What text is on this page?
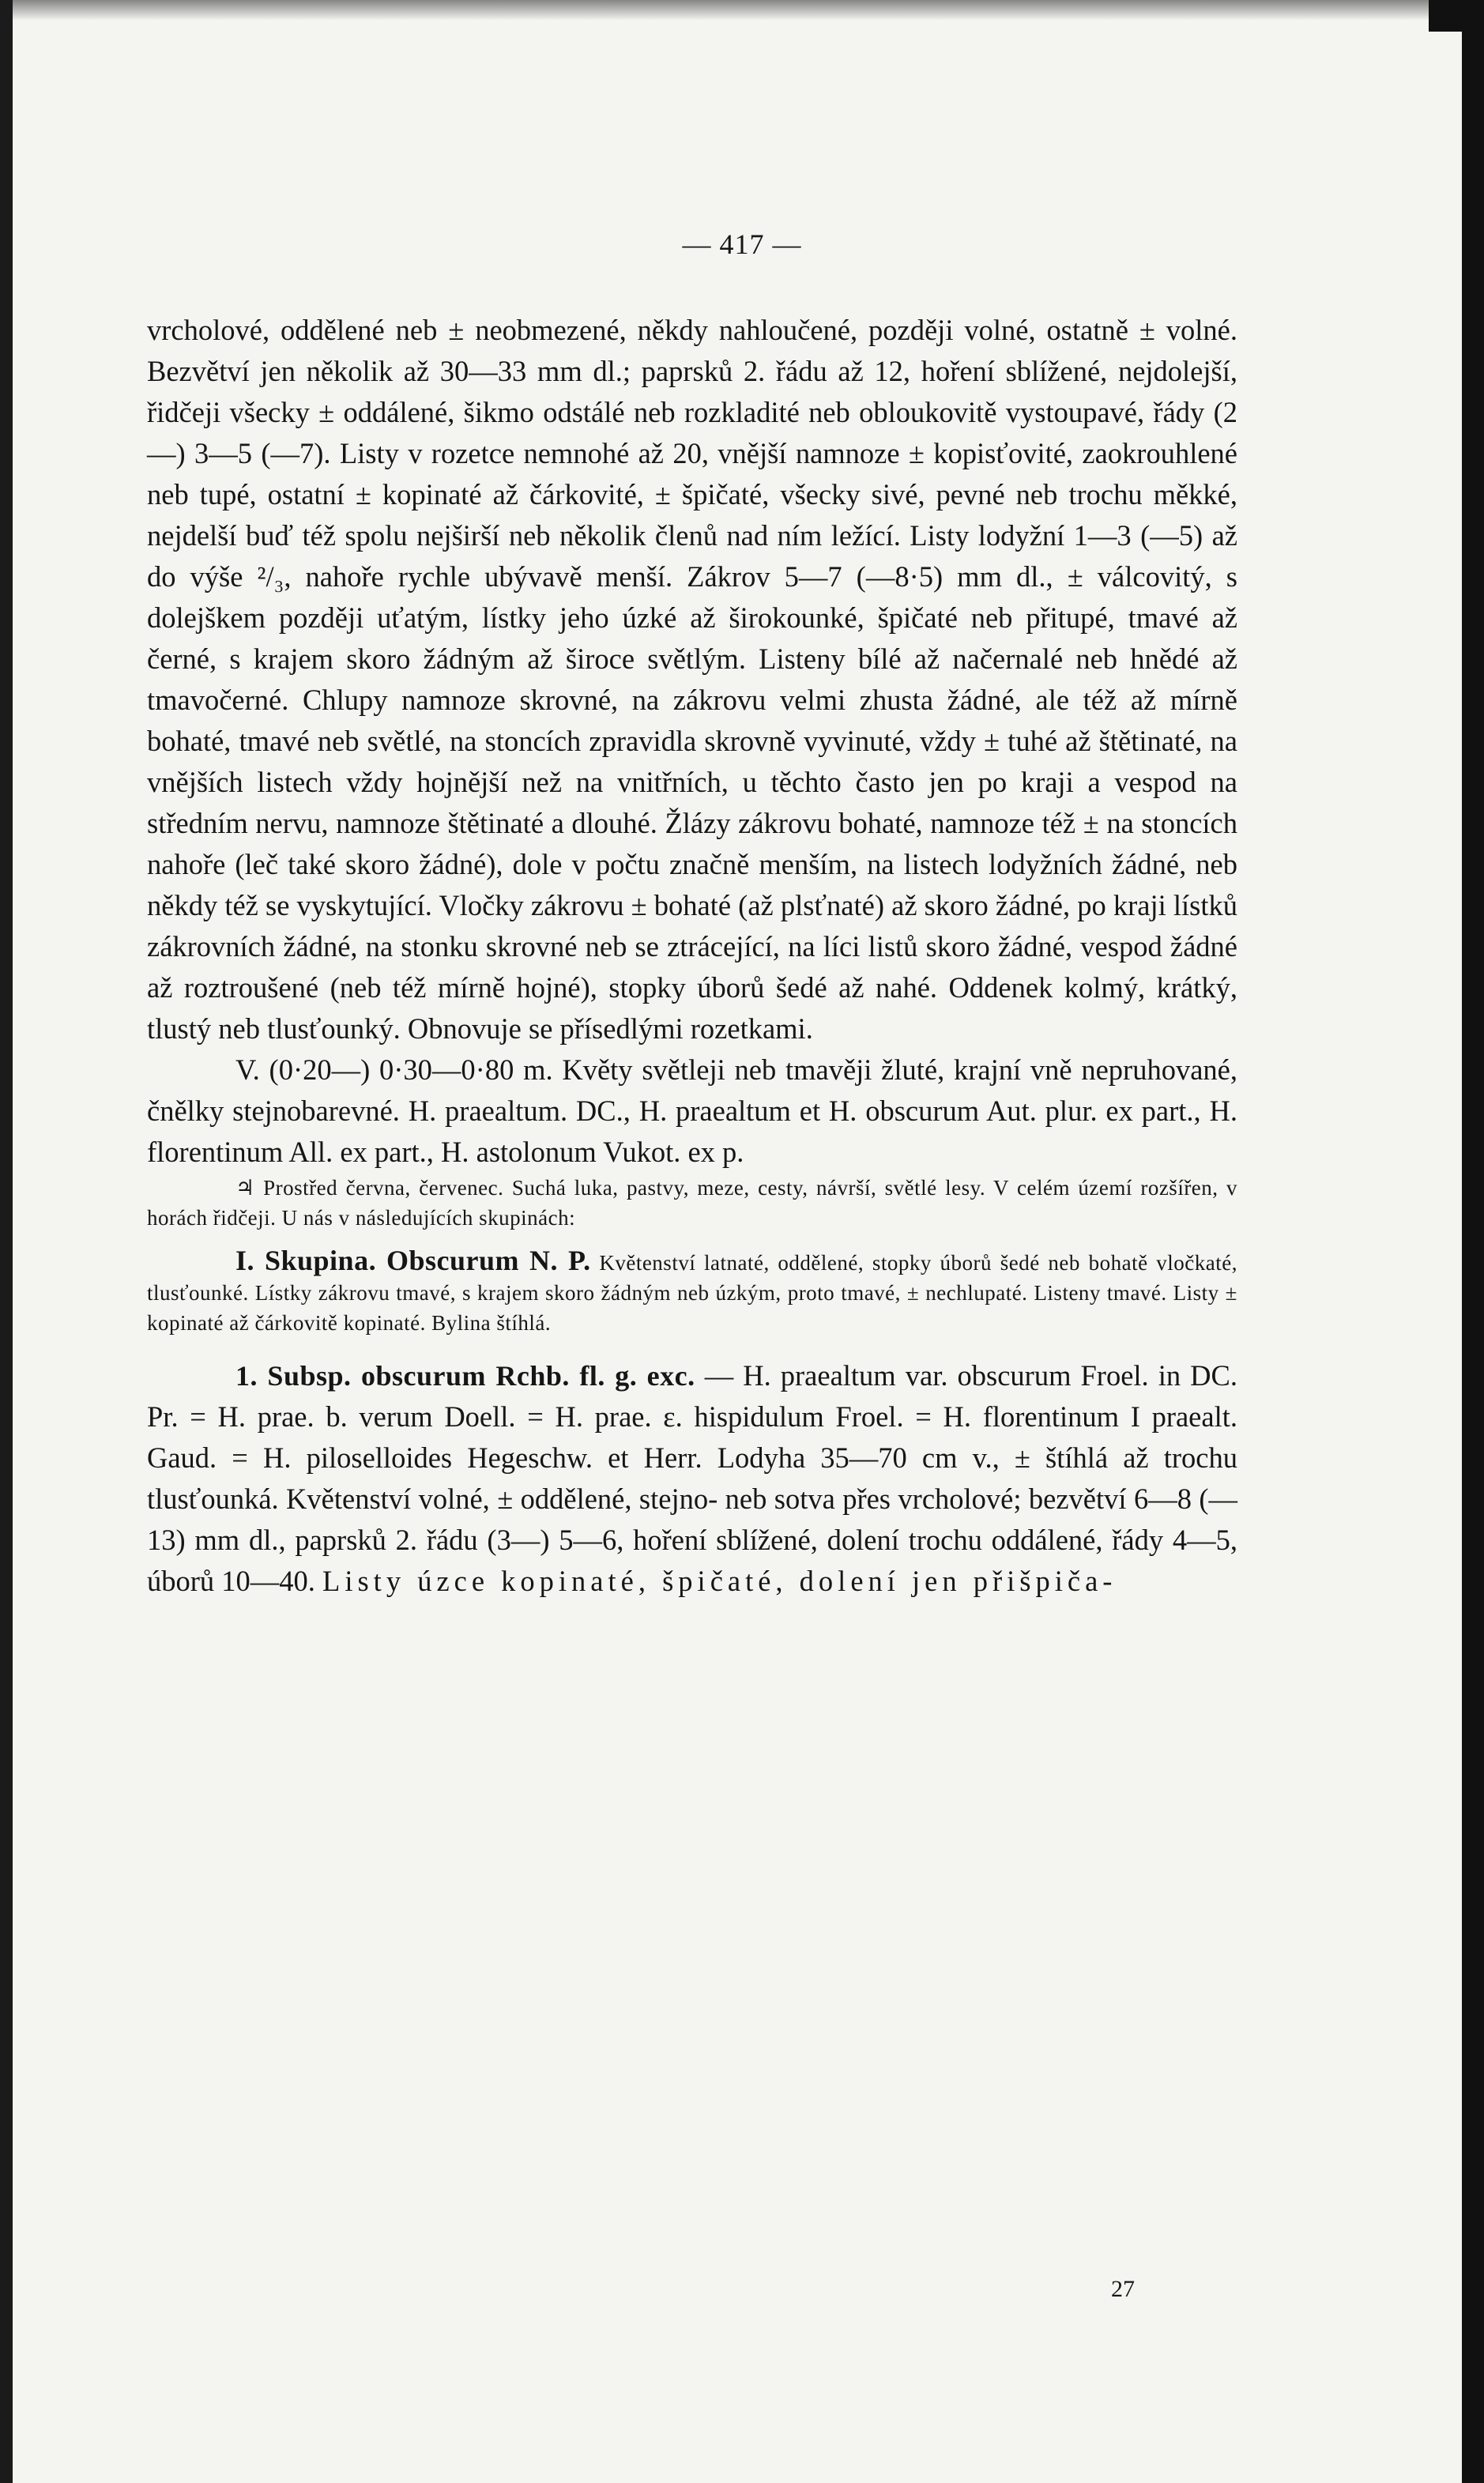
— 417 —

vrcholové, oddělené neb ± neobmezené, někdy nahloučené, později volné, ostatně ± volné. Bezvětví jen několik až 30—33 mm dl.; paprsků 2. řádu až 12, hoření sblížené, nejdolejší, řidčeji všecky ± oddálené, šikmo odstálé neb rozkladité neb obloukovitě vystoupavé, řády (2—) 3—5 (—7). Listy v rozetce nemnohé až 20, vnější namnoze ± kopisťovité, zaokrouhlené neb tupé, ostatní ± kopinaté až čárkovité, ± špičaté, všecky sivé, pevné neb trochu měkké, nejdelší buď též spolu nejširší neb několik členů nad ním ležící. Listy lodyžní 1—3 (—5) až do výše ²/₃, nahoře rychle ubývavě menší. Zákrov 5—7 (—8·5) mm dl., ± válcovitý, s dolejškem později uťatým, lístky jeho úzké až širokounké, špičaté neb přitupé, tmavé až černé, s krajem skoro žádným až široce světlým. Listeny bílé až načernalé neb hnědé až tmavočerné. Chlupy namnoze skrovné, na zákrovu velmi zhusta žádné, ale též až mírně bohaté, tmavé neb světlé, na stoncích zpravidla skrovně vyvinuté, vždy ± tuhé až štětinaté, na vnějších listech vždy hojnější než na vnitřních, u těchto často jen po kraji a vespod na středním nervu, namnoze štětinaté a dlouhé. Žlázy zákrovu bohaté, namnoze též ± na stoncích nahoře (leč také skoro žádné), dole v počtu značně menším, na listech lodyžních žádné, neb někdy též se vyskytující. Vločky zákrovu ± bohaté (až plsťnaté) až skoro žádné, po kraji lístků zákrovních žádné, na stonku skrovné neb se ztrácející, na líci listů skoro žádné, vespod žádné až roztroušené (neb též mírně hojné), stopky úborů šedé až nahé. Oddenek kolmý, krátký, tlustý neb tlusťounký. Obnovuje se přísedlými rozetkami.

V. (0·20—) 0·30—0·80 m. Květy světleji neb tmavěji žluté, krajní vně nepruhované, čnělky stejnobarevné. H. praealtum. DC., H. praealtum et H. obscurum Aut. plur. ex part., H. florentinum All. ex part., H. astolonum Vukot. ex p.

♃ Prostřed června, červenec. Suchá luka, pastvy, meze, cesty, návrší, světlé lesy. V celém území rozšířen, v horách řidčeji. U nás v následujících skupinách:

I. Skupina. Obscurum N. P. Květenství latnaté, oddělené, stopky úborů šedé neb bohatě vločkaté, tlusťounké. Lístky zákrovu tmavé, s krajem skoro žádným neb úzkým, proto tmavé, ± nechlupaté. Listeny tmavé. Listy ± kopinaté až čárkovitě kopinaté. Bylina štíhlá.

1. Subsp. obscurum Rchb. fl. g. exc. — H. praealtum var. obscurum Froel. in DC. Pr. = H. prae. b. verum Doell. = H. prae. ε. hispidulum Froel. = H. florentinum I praealt. Gaud. = H. piloselloides Hegeschw. et Herr. Lodyha 35—70 cm v., ± štíhlá až trochu tlusťounká. Květenství volné, ± oddělené, stejno- neb sotva přes vrcholové; bezvětví 6—8 (—13) mm dl., paprsků 2. řádu (3—) 5—6, hoření sblížené, dolení trochu oddálené, řády 4—5, úborů 10—40. Listy úzce kopinaté, špičaté, dolení jen přišpiča-

27
